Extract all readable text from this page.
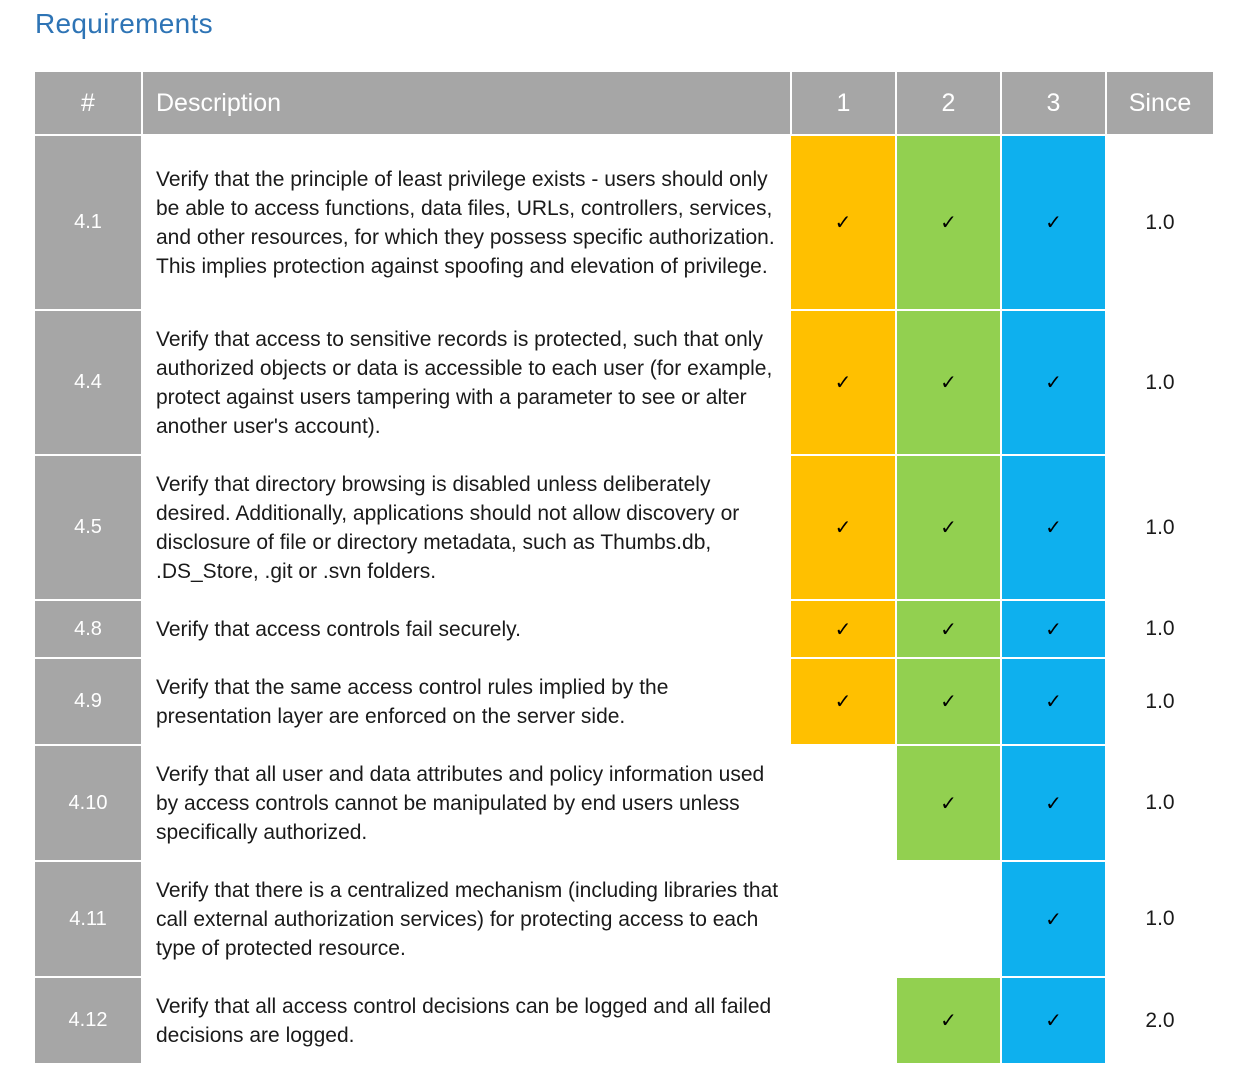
Requirements
#	Description	1	2	3	Since
4.1	Verify that the principle of least privilege exists - users should only be able to access functions, data files, URLs, controllers, services, and other resources, for which they possess specific authorization. This implies protection against spoofing and elevation of privilege.	✓	✓	✓	1.0
4.4	Verify that access to sensitive records is protected, such that only authorized objects or data is accessible to each user (for example, protect against users tampering with a parameter to see or alter another user's account).	✓	✓	✓	1.0
4.5	Verify that directory browsing is disabled unless deliberately desired. Additionally, applications should not allow discovery or disclosure of file or directory metadata, such as Thumbs.db, .DS_Store, .git or .svn folders.	✓	✓	✓	1.0
4.8	Verify that access controls fail securely.	✓	✓	✓	1.0
4.9	Verify that the same access control rules implied by the presentation layer are enforced on the server side.	✓	✓	✓	1.0
4.10	Verify that all user and data attributes and policy information used by access controls cannot be manipulated by end users unless specifically authorized.		✓	✓	1.0
4.11	Verify that there is a centralized mechanism (including libraries that call external authorization services) for protecting access to each type of protected resource.			✓	1.0
4.12	Verify that all access control decisions can be logged and all failed decisions are logged.		✓	✓	2.0
